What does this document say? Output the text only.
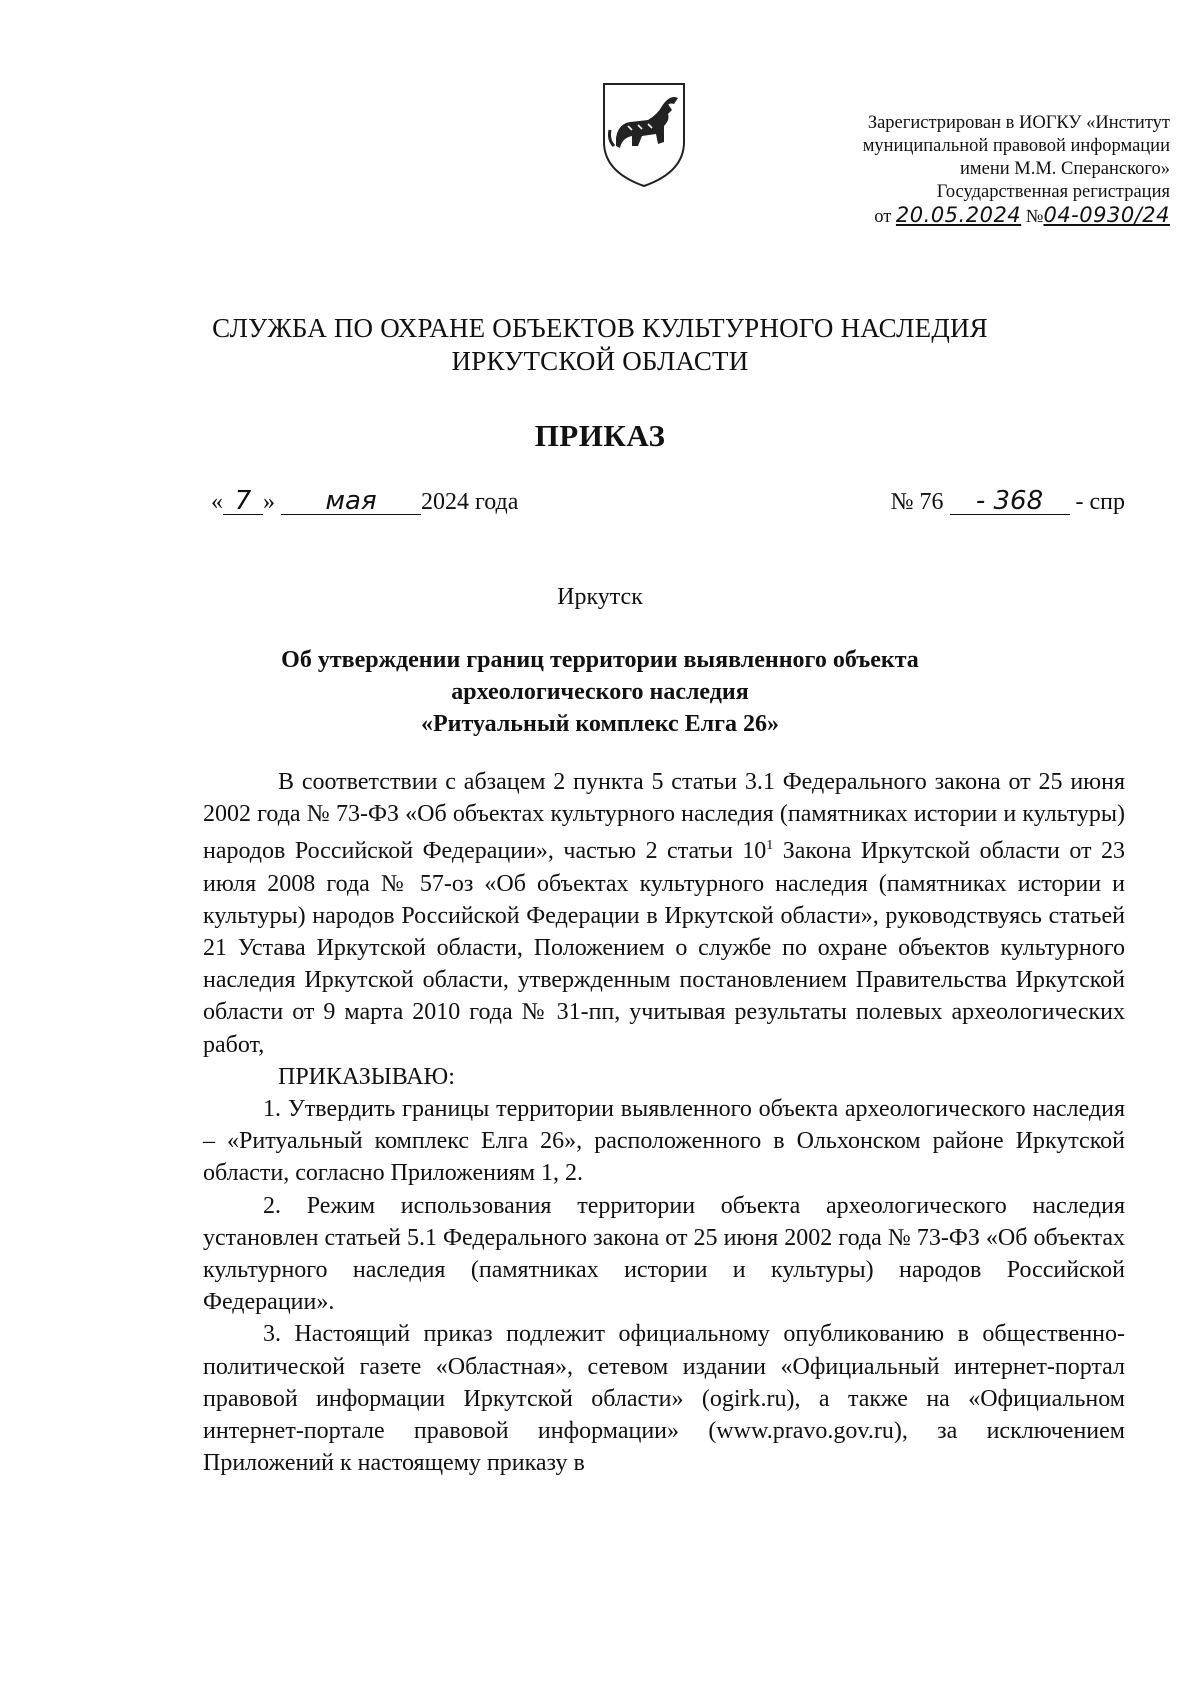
Зарегистрирован в ИОГКУ «Институт
муниципальной правовой информации
имени М.М. Сперанского»
Государственная регистрация
от 20.05.2024 №04-0930/24
СЛУЖБА ПО ОХРАНЕ ОБЪЕКТОВ КУЛЬТУРНОГО НАСЛЕДИЯ
ИРКУТСКОЙ ОБЛАСТИ
ПРИКАЗ
« 7 » мая 2024 года	№ 76 - 368 - спр
Иркутск
Об утверждении границ территории выявленного объекта
археологического наследия
«Ритуальный комплекс Елга 26»

В соответствии с абзацем 2 пункта 5 статьи 3.1 Федерального закона от 25 июня 2002 года № 73-ФЗ «Об объектах культурного наследия (памятниках истории и культуры) народов Российской Федерации», частью 2 статьи $10^1$ Закона Иркутской области от 23 июля 2008 года № 57-оз «Об объектах культурного наследия (памятниках истории и культуры) народов Российской Федерации в Иркутской области», руководствуясь статьей 21 Устава Иркутской области, Положением о службе по охране объектов культурного наследия Иркутской области, утвержденным постановлением Правительства Иркутской области от 9 марта 2010 года № 31-пп, учитывая результаты полевых археологических работ,

ПРИКАЗЫВАЮ:

1. Утвердить границы территории выявленного объекта археологического наследия – «Ритуальный комплекс Елга 26», расположенного в Ольхонском районе Иркутской области, согласно Приложениям 1, 2.

2. Режим использования территории объекта археологического наследия установлен статьей 5.1 Федерального закона от 25 июня 2002 года № 73-ФЗ «Об объектах культурного наследия (памятниках истории и культуры) народов Российской Федерации».

3. Настоящий приказ подлежит официальному опубликованию в общественно-политической газете «Областная», сетевом издании «Официальный интернет-портал правовой информации Иркутской области» (ogirk.ru), а также на «Официальном интернет-портале правовой информации» (www.pravo.gov.ru), за исключением Приложений к настоящему приказу в
